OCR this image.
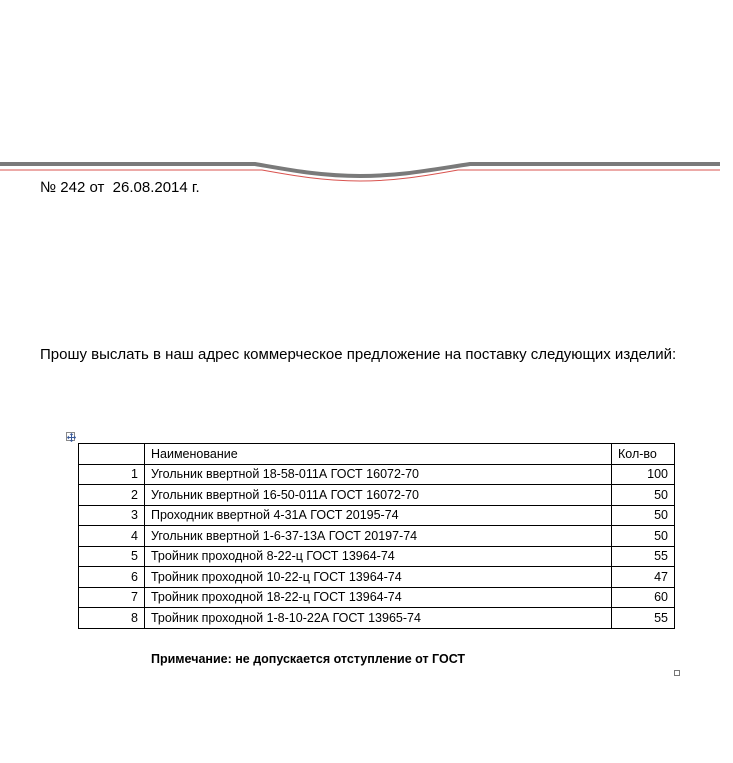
№ 242 от  26.08.2014 г.
Прошу выслать в наш адрес коммерческое предложение на поставку следующих изделий:
	Наименование	Кол-во
1	Угольник ввертной 18-58-011А ГОСТ 16072-70	100
2	Угольник ввертной 16-50-011А ГОСТ 16072-70	50
3	Проходник ввертной 4-31А ГОСТ 20195-74	50
4	Угольник ввертной 1-6-37-13А ГОСТ 20197-74	50
5	Тройник проходной 8-22-ц ГОСТ 13964-74	55
6	Тройник проходной 10-22-ц ГОСТ 13964-74	47
7	Тройник проходной 18-22-ц ГОСТ 13964-74	60
8	Тройник проходной 1-8-10-22А ГОСТ 13965-74	55
Примечание: не допускается отступление от ГОСТ
